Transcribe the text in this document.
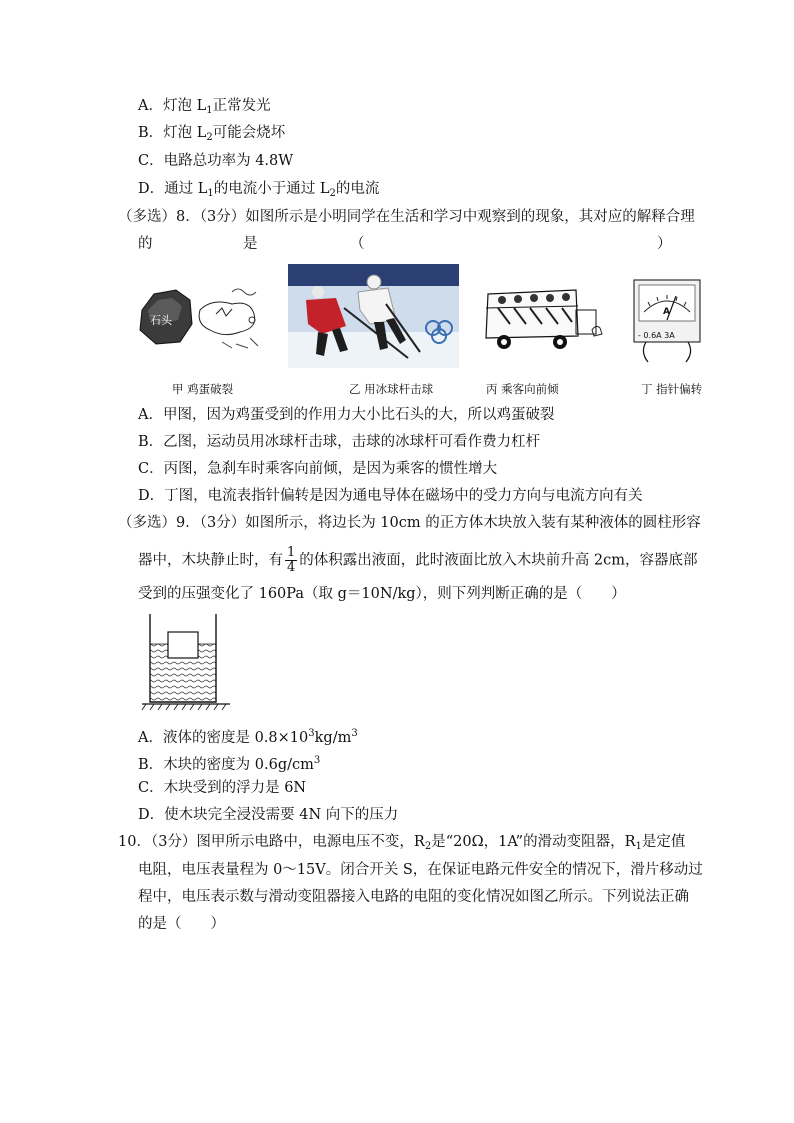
A．灯泡 $L_1$正常发光
B．灯泡 $L_2$可能会烧坏
C．电路总功率为 4.8W
D．通过 $L_1$的电流小于通过 $L_2$的电流
（多选）8．（3分）如图所示是小明同学在生活和学习中观察到的现象，其对应的解释合理
的	是	（	）
石头
甲 鸡蛋破裂	乙 用冰球杆击球	丙 乘客向前倾
A
- 0.6A 3A
丁 指针偏转
A．甲图，因为鸡蛋受到的作用力大小比石头的大，所以鸡蛋破裂
B．乙图，运动员用冰球杆击球，击球的冰球杆可看作费力杠杆
C．丙图，急刹车时乘客向前倾，是因为乘客的惯性增大
D．丁图，电流表指针偏转是因为通电导体在磁场中的受力方向与电流方向有关
（多选）9．（3分）如图所示，将边长为 10cm 的正方体木块放入装有某种液体的圆柱形容
器中，木块静止时，有 $\frac{1}{4}$ 的体积露出液面，此时液面比放入木块前升高 2cm，容器底部
受到的压强变化了 160Pa（取 g＝10N/kg），则下列判断正确的是（　　）
A．液体的密度是 $0.8\times 10^3kg/m^3$
B．木块的密度为 $0.6g/cm^3$
C．木块受到的浮力是 6N
D．使木块完全浸没需要 4N 向下的压力
10．（3分）图甲所示电路中，电源电压不变，$R_2$是“20Ω，1A”的滑动变阻器，$R_1$是定值
电阻，电压表量程为 0～15V。闭合开关 S，在保证电路元件安全的情况下，滑片移动过
程中，电压表示数与滑动变阻器接入电路的电阻的变化情况如图乙所示。下列说法正确
的是（　　）
